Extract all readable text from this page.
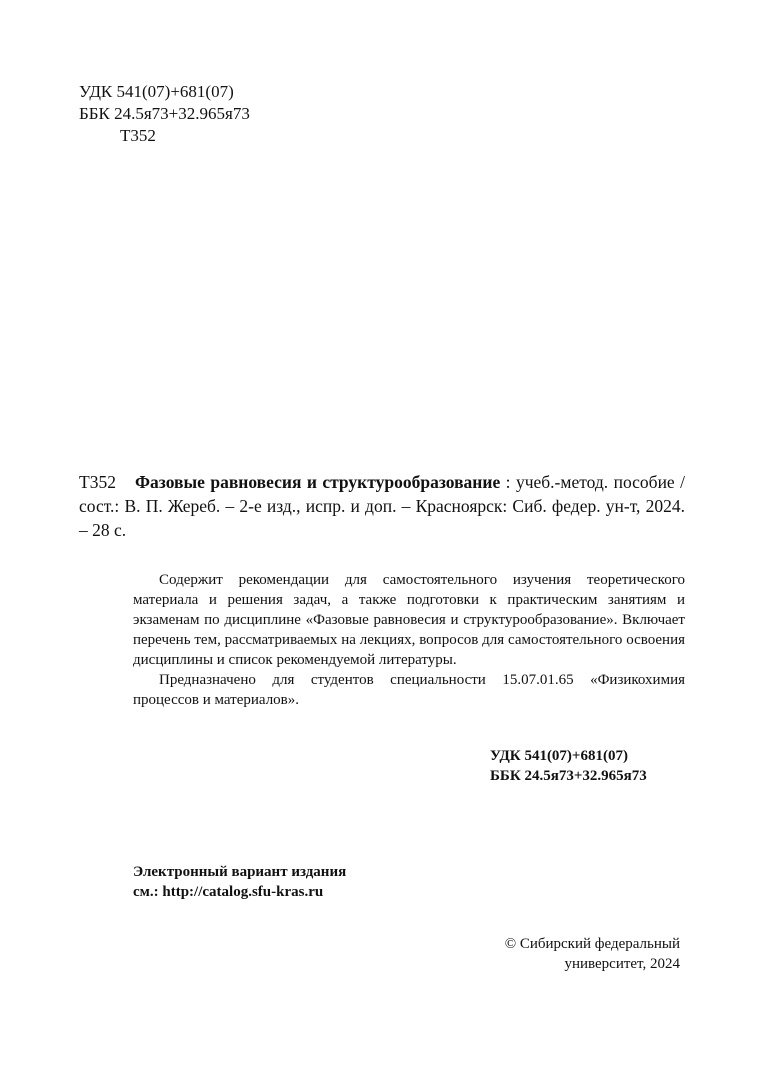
УДК 541(07)+681(07)
ББК 24.5я73+32.965я73
Т352
Т352	Фазовые равновесия и структурообразование : учеб.-метод. пособие / сост.: В. П. Жереб. – 2-е изд., испр. и доп. – Красноярск: Сиб. федер. ун-т, 2024. – 28 с.

Содержит рекомендации для самостоятельного изучения теоретического материала и решения задач, а также подготовки к практическим занятиям и экзаменам по дисциплине «Фазовые равновесия и структурообразование». Включает перечень тем, рассматриваемых на лекциях, вопросов для самостоятельного освоения дисциплины и список рекомендуемой литературы.

Предназначено для студентов специальности 15.07.01.65 «Физикохимия процессов и материалов».

УДК 541(07)+681(07)
ББК 24.5я73+32.965я73
Электронный вариант издания
см.: http://catalog.sfu-kras.ru
© Сибирский федеральный
университет, 2024
